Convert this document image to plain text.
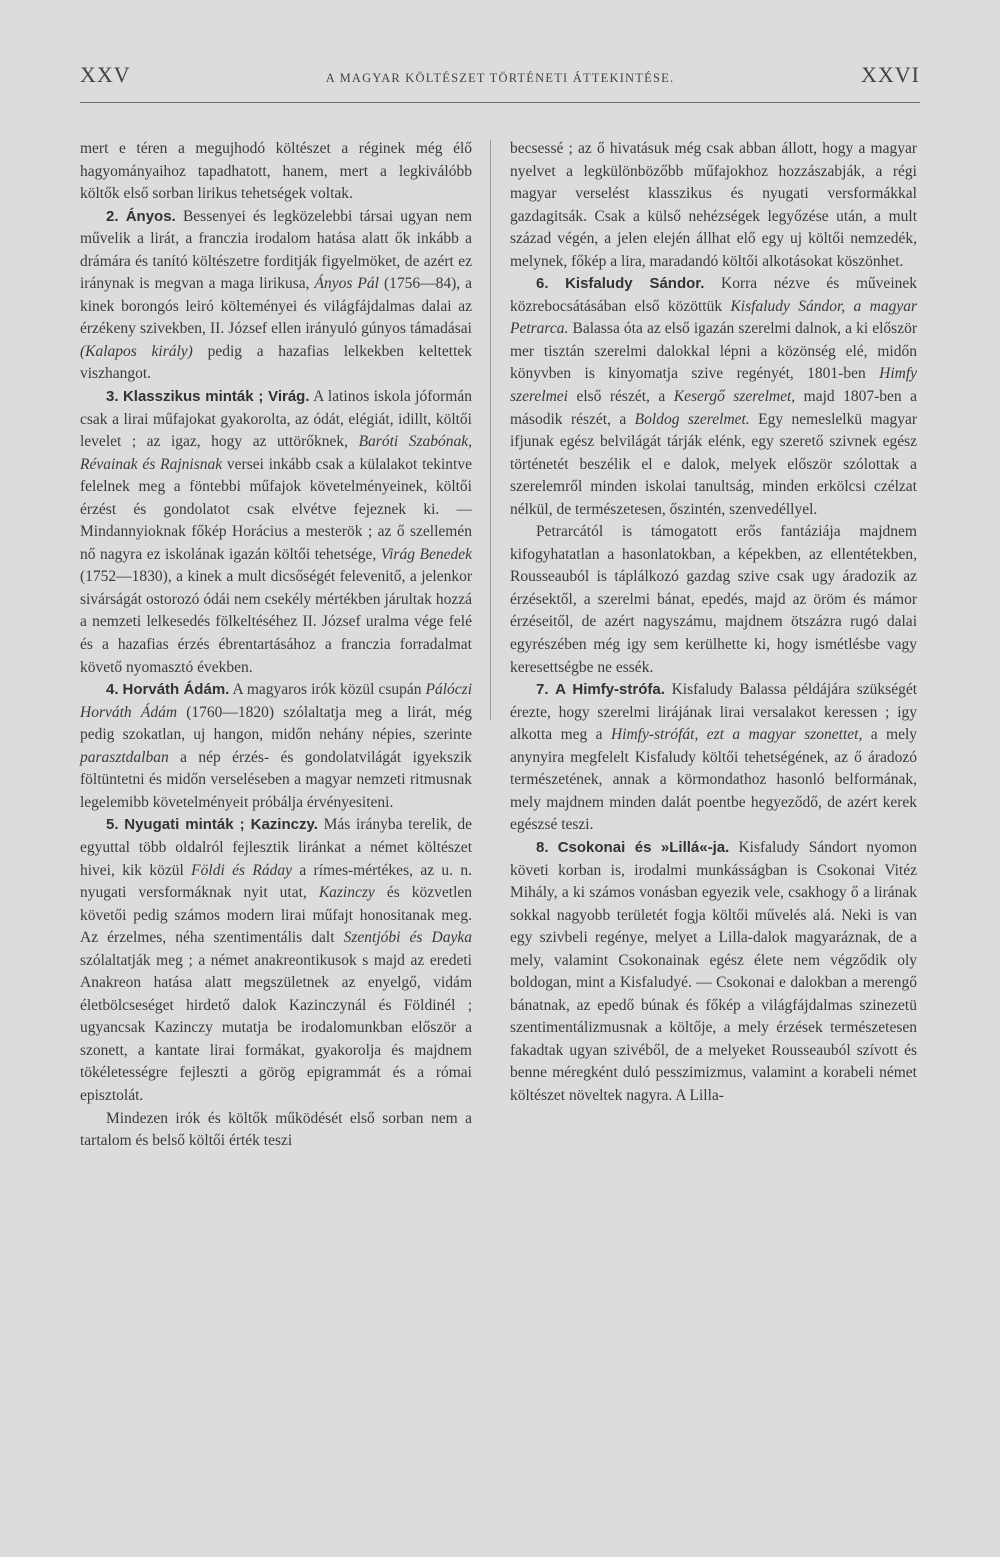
XXV	A MAGYAR KÖLTÉSZET TÖRTÉNETI ÁTTEKINTÉSE.	XXVI

mert e téren a megujhodó költészet a réginek még élő hagyományaihoz tapadhatott, hanem, mert a legkiválóbb költők első sorban lirikus tehetségek voltak.

2. Ányos. Bessenyei és legközelebbi társai ugyan nem művelik a lirát, a franczia irodalom hatása alatt ők inkább a drámára és tanító költészetre forditják figyelmöket, de azért ez iránynak is megvan a maga lirikusa, Ányos Pál (1756—84), a kinek borongós leiró költeményei és világfájdalmas dalai az érzékeny szivekben, II. József ellen irányuló gúnyos támadásai (Kalapos király) pedig a hazafias lelkekben keltettek viszhangot.

3. Klasszikus minták ; Virág. A latinos iskola jóformán csak a lirai műfajokat gyakorolta, az ódát, elégiát, idillt, költői levelet ; az igaz, hogy az uttörőknek, Baróti Szabónak, Révainak és Rajnisnak versei inkább csak a külalakot tekintve felelnek meg a föntebbi műfajok követelményeinek, költői érzést és gondolatot csak elvétve fejeznek ki. — Mindannyioknak főkép Horácius a mesterök ; az ő szellemén nő nagyra ez iskolának igazán költői tehetsége, Virág Benedek (1752—1830), a kinek a mult dicsőségét felevenitő, a jelenkor sivárságát ostorozó ódái nem csekély mértékben járultak hozzá a nemzeti lelkesedés fölkeltéséhez II. József uralma vége felé és a hazafias érzés ébrentartásához a franczia forradalmat követő nyomasztó években.

4. Horváth Ádám. A magyaros irók közül csupán Pálóczi Horváth Ádám (1760—1820) szólaltatja meg a lirát, még pedig szokatlan, uj hangon, midőn nehány népies, szerinte parasztdalban a nép érzés- és gondolatvilágát igyekszik föltüntetni és midőn verseléseben a magyar nemzeti ritmusnak legelemibb követelményeit próbálja érvényesiteni.

5. Nyugati minták ; Kazinczy. Más irányba terelik, de egyuttal több oldalról fejlesztik liránkat a német költészet hivei, kik közül Földi és Ráday a rímes-mértékes, az u. n. nyugati versformáknak nyit utat, Kazinczy és közvetlen követői pedig számos modern lirai műfajt honositanak meg. Az érzelmes, néha szentimentális dalt Szentjóbi és Dayka szólaltatják meg ; a német anakreontikusok s majd az eredeti Anakreon hatása alatt megszületnek az enyelgő, vidám életbölcseséget hirdető dalok Kazinczynál és Földinél ; ugyancsak Kazinczy mutatja be irodalomunkban először a szonett, a kantate lirai formákat, gyakorolja és majdnem tökéletességre fejleszti a görög epigrammát és a római episztolát.

Mindezen irók és költők működését első sorban nem a tartalom és belső költői érték teszi

becsessé ; az ő hivatásuk még csak abban állott, hogy a magyar nyelvet a legkülönbözőbb műfajokhoz hozzászabják, a régi magyar verselést klasszikus és nyugati versformákkal gazdagitsák. Csak a külső nehézségek legyőzése után, a mult század végén, a jelen elején állhat elő egy uj költői nemzedék, melynek, főkép a lira, maradandó költői alkotásokat köszönhet.

6. Kisfaludy Sándor. Korra nézve és műveinek közrebocsátásában első közöttük Kisfaludy Sándor, a magyar Petrarca. Balassa óta az első igazán szerelmi dalnok, a ki először mer tisztán szerelmi dalokkal lépni a közönség elé, midőn könyvben is kinyomatja szive regényét, 1801-ben Himfy szerelmei első részét, a Kesergő szerelmet, majd 1807-ben a második részét, a Boldog szerelmet. Egy nemeslelkü magyar ifjunak egész belvilágát tárják elénk, egy szerető szivnek egész történetét beszélik el e dalok, melyek először szólottak a szerelemről minden iskolai tanultság, minden erkölcsi czélzat nélkül, de természetesen, őszintén, szenvedéllyel.

Petrarcától is támogatott erős fantáziája majdnem kifogyhatatlan a hasonlatokban, a képekben, az ellentétekben, Rousseauból is táplálkozó gazdag szive csak ugy áradozik az érzésektől, a szerelmi bánat, epedés, majd az öröm és mámor érzéseitől, de azért nagyszámu, majdnem ötszázra rugó dalai egyrészében még igy sem kerülhette ki, hogy ismétlésbe vagy keresettségbe ne essék.

7. A Himfy-strófa. Kisfaludy Balassa példájára szükségét érezte, hogy szerelmi lirájának lirai versalakot keressen ; igy alkotta meg a Himfy-strófát, ezt a magyar szonettet, a mely anynyira megfelelt Kisfaludy költői tehetségének, az ő áradozó természetének, annak a körmondathoz hasonló belformának, mely majdnem minden dalát poentbe hegyeződő, de azért kerek egészsé teszi.

8. Csokonai és »Lillá«-ja. Kisfaludy Sándort nyomon követi korban is, irodalmi munkásságban is Csokonai Vitéz Mihály, a ki számos vonásban egyezik vele, csakhogy ő a lirának sokkal nagyobb területét fogja költői művelés alá. Neki is van egy szivbeli regénye, melyet a Lilla-dalok magyaráznak, de a mely, valamint Csokonainak egész élete nem végződik oly boldogan, mint a Kisfaludyé. — Csokonai e dalokban a merengő bánatnak, az epedő búnak és főkép a világfájdalmas szinezetü szentimentálizmusnak a költője, a mely érzések természetesen fakadtak ugyan szivéből, de a melyeket Rousseauból szívott és benne méregként duló pesszimizmus, valamint a korabeli német költészet növeltek nagyra. A Lilla-
